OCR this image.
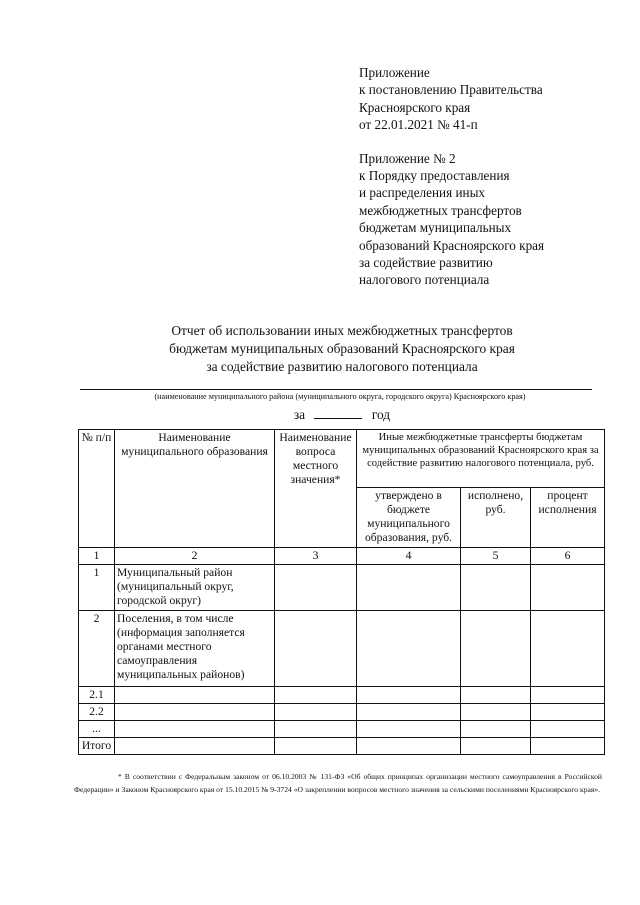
Приложение

к постановлению Правительства

Красноярского края

от 22.01.2021 № 41-п

Приложение № 2

к Порядку предоставления

и распределения иных

межбюджетных трансфертов

бюджетам муниципальных

образований Красноярского края

за содействие развитию

налогового потенциала

Отчет об использовании иных межбюджетных трансфертов

бюджетам муниципальных образований Красноярского края

за содействие развитию налогового потенциала

(наименование муниципального района (муниципального округа, городского округа) Красноярского края)
за	год
№ п/п	Наименование муниципального образования	Наименование вопроса местного значения*	Иные межбюджетные трансферты бюджетам муниципальных образований Красноярского края за содействие развитию налогового потенциала, руб.		
			утверждено в бюджете муниципального образования, руб.	исполнено, руб.	процент исполнения
1	2	3	4	5	6
1	Муниципальный район (муниципальный округ, городской округ)				
2	Поселения, в том числе (информация заполняется органами местного самоуправления муниципальных районов)				
2.1					
2.2					
...					
Итого					

* В соответствии с Федеральным законом от 06.10.2003 № 131-ФЗ «Об общих принципах организации местного самоуправления в Российской Федерации» и Законом Красноярского края от 15.10.2015 № 9-3724 «О закреплении вопросов местного значения за сельскими поселениями Красноярского края».
